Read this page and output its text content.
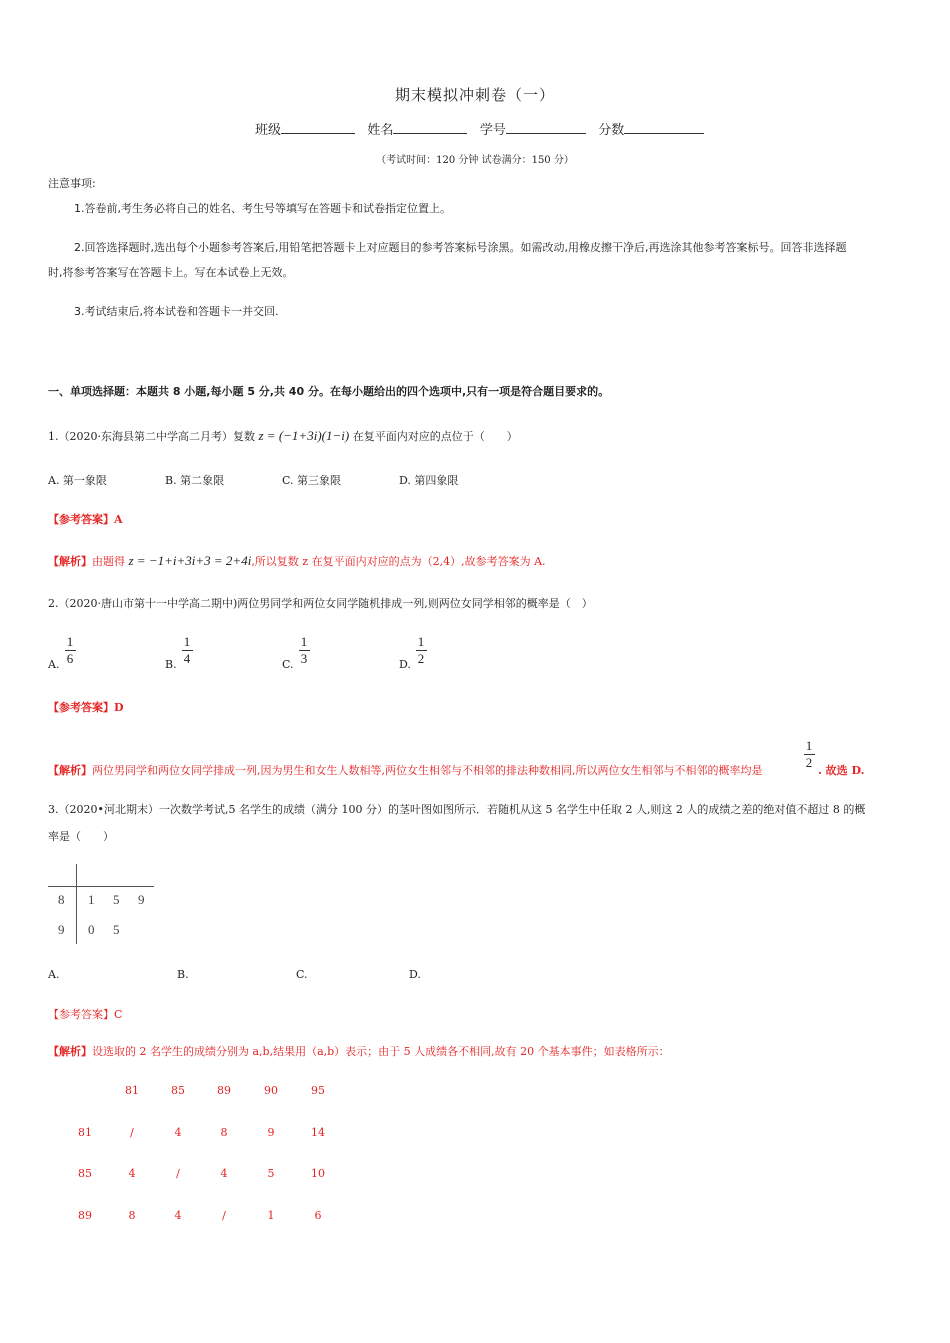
期末模拟冲刺卷（一）
班级	姓名	学号	分数
（考试时间：120 分钟 试卷满分：150 分）
注意事项:
1.答卷前,考生务必将自己的姓名、考生号等填写在答题卡和试卷指定位置上。
2.回答选择题时,选出每个小题参考答案后,用铅笔把答题卡上对应题目的参考答案标号涂黑。如需改动,用橡皮擦干净后,再选涂其他参考答案标号。回答非选择题
时,将参考答案写在答题卡上。写在本试卷上无效。
3.考试结束后,将本试卷和答题卡一并交回.
一、单项选择题：本题共 8 小题,每小题 5 分,共 40 分。在每小题给出的四个选项中,只有一项是符合题目要求的。
1.（2020·东海县第二中学高二月考）复数 z = (−1+3i)(1−i) 在复平面内对应的点位于（　　）
A. 第一象限	B. 第二象限	C. 第三象限	D. 第四象限
【参考答案】A
【解析】由题得 z = −1+i+3i+3 = 2+4i,所以复数 z 在复平面内对应的点为（2,4）,故参考答案为 A.
2.（2020·唐山市第十一中学高二期中)两位男同学和两位女同学随机排成一列,则两位女同学相邻的概率是（　）
A.
1
6	B.
1
4	C.
1
3	D.
1
2
【参考答案】D
【解析】两位男同学和两位女同学排成一列,因为男生和女生人数相等,两位女生相邻与不相邻的排法种数相同,所以两位女生相邻与不相邻的概率均是
1
2
. 故选 D.
3.（2020•河北期末）一次数学考试,5 名学生的成绩（满分 100 分）的茎叶图如图所示．若随机从这 5 名学生中任取 2 人,则这 2 人的成绩之差的绝对值不超过 8 的概
率是（　　）
8 1 5 9
9 0 5
A.	B.	C.	D.
【参考答案】C
【解析】设选取的 2 名学生的成绩分别为 a,b,结果用（a,b）表示；由于 5 人成绩各不相同,故有 20 个基本事件；如表格所示：
81	85	89	90	95
81	/	4	8	9	14
85	4	/	4	5	10
89	8	4	/	1	6
